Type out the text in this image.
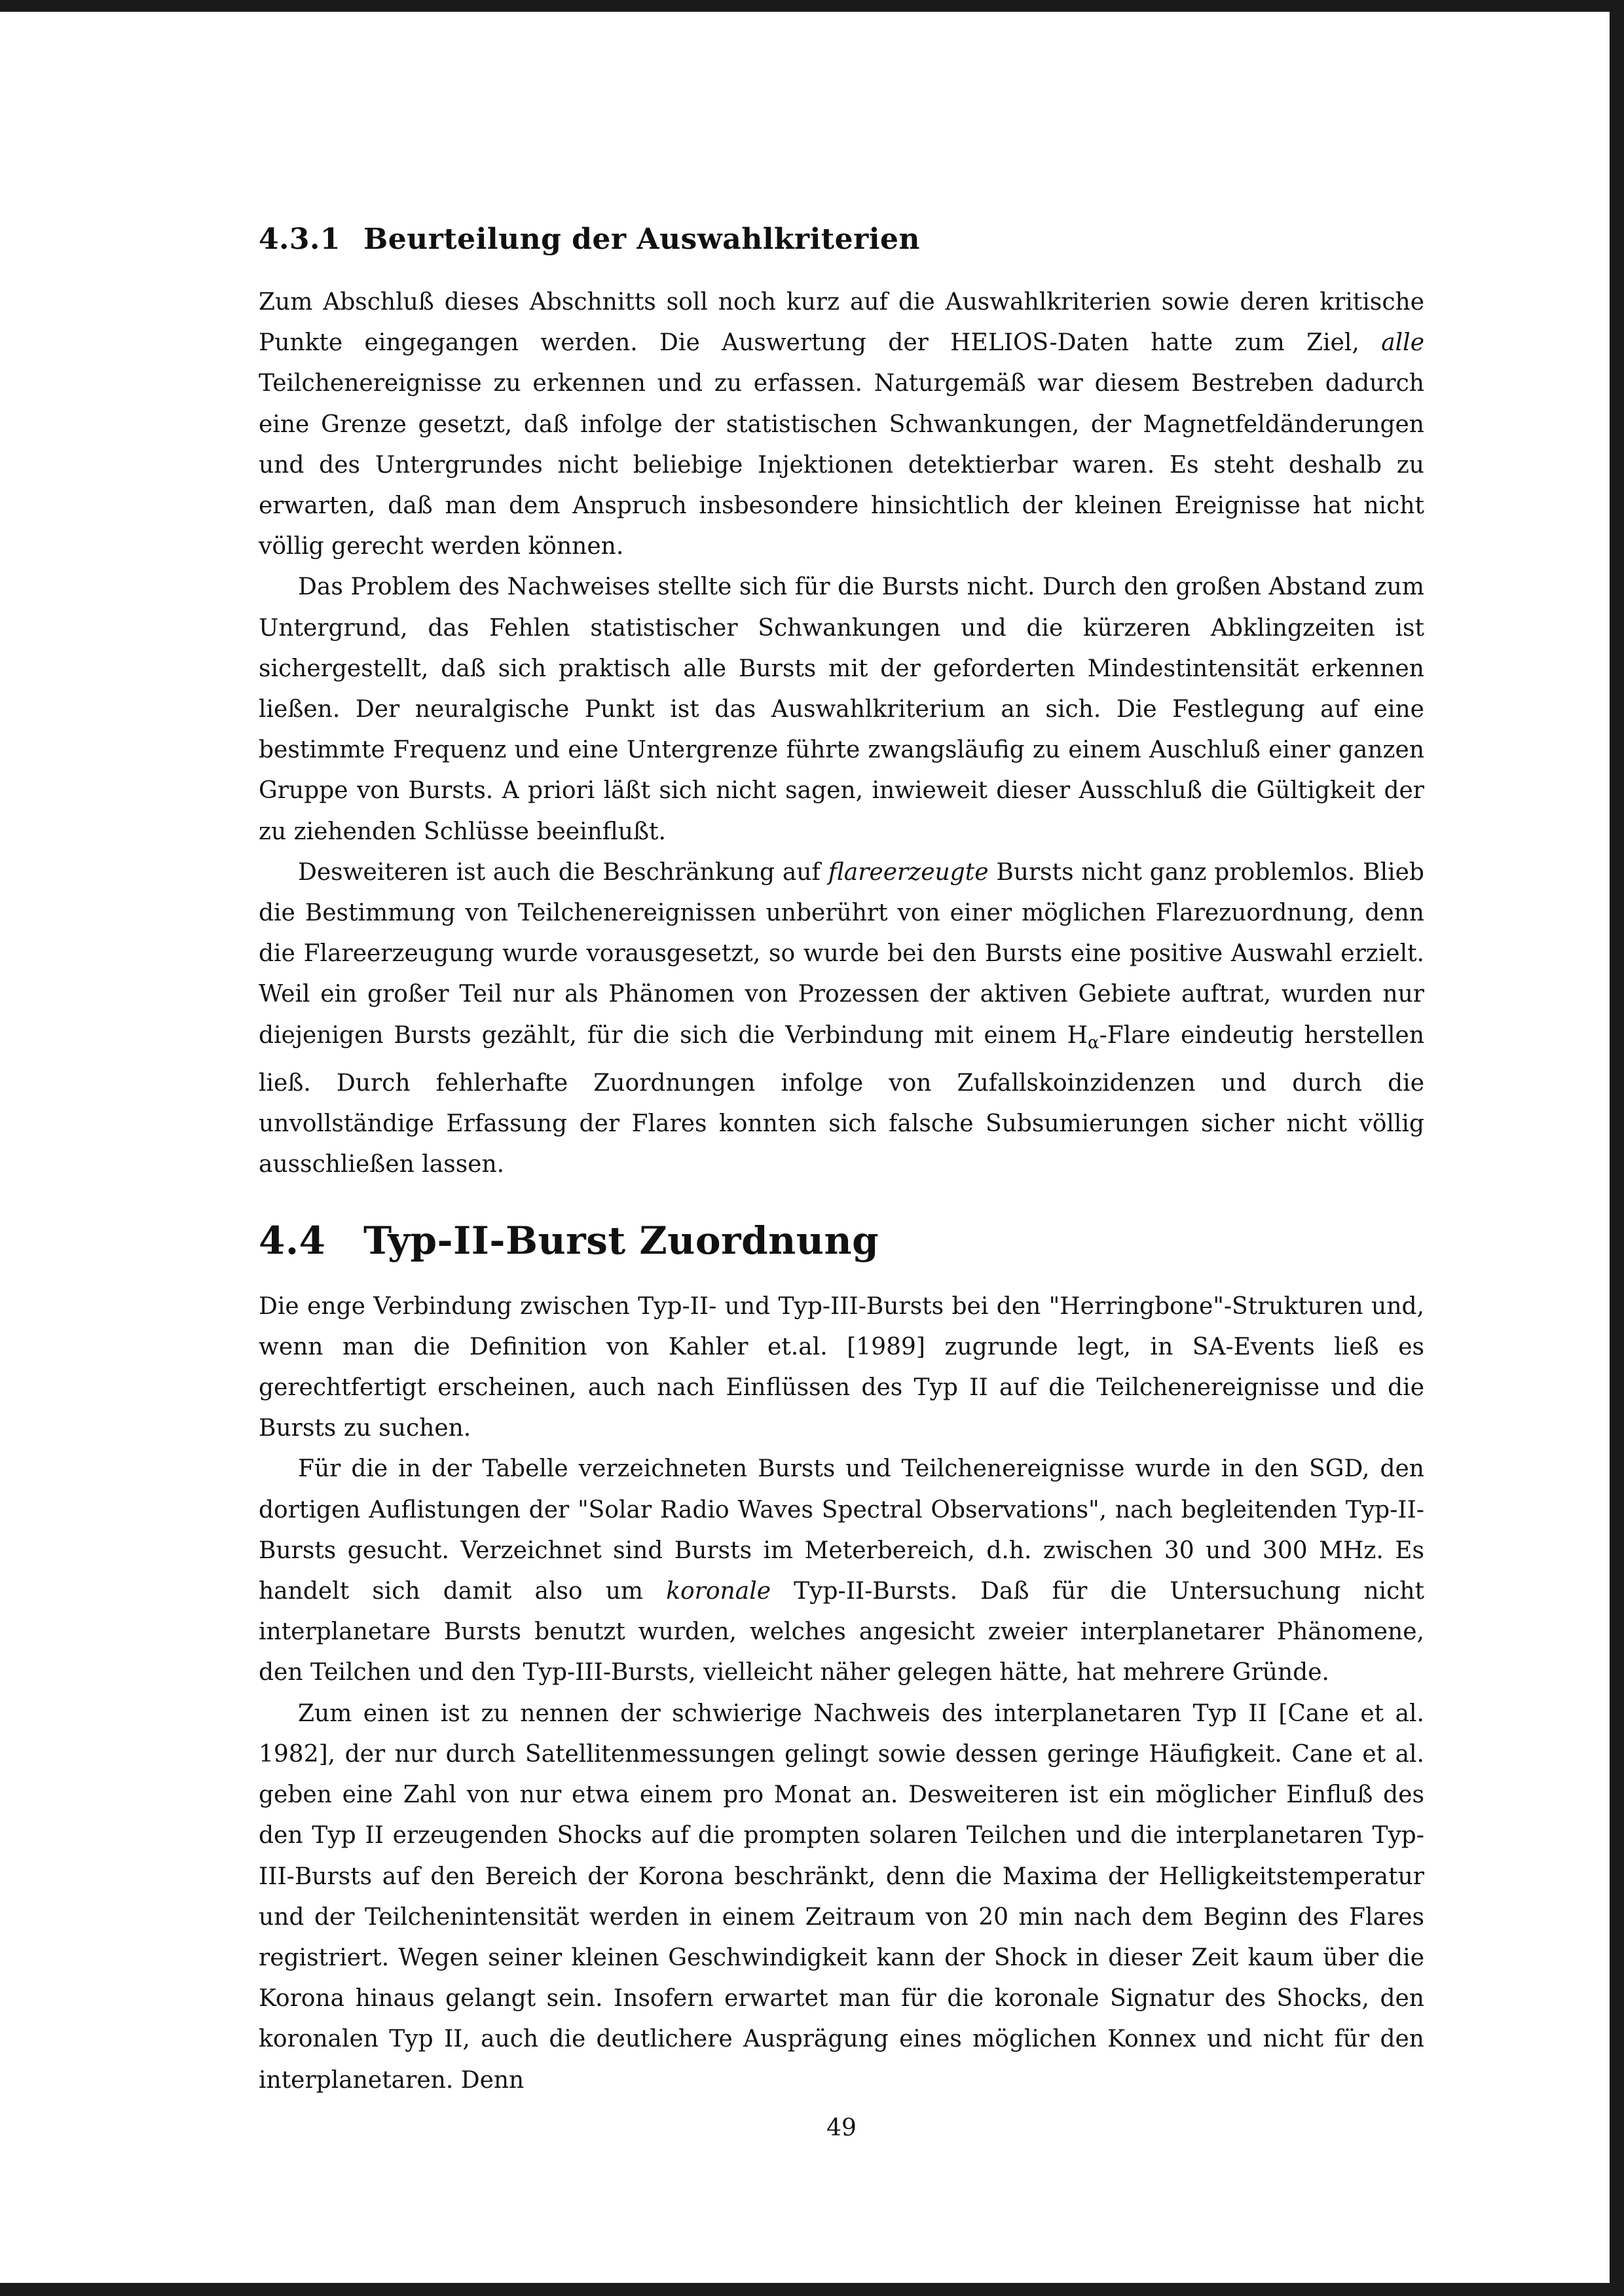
4.3.1 Beurteilung der Auswahlkriterien

Zum Abschluß dieses Abschnitts soll noch kurz auf die Auswahlkriterien sowie deren kritische Punkte eingegangen werden. Die Auswertung der HELIOS-Daten hatte zum Ziel, alle Teilchenereignisse zu erkennen und zu erfassen. Naturgemäß war diesem Bestreben dadurch eine Grenze gesetzt, daß infolge der statistischen Schwankungen, der Magnetfeldänderungen und des Untergrundes nicht beliebige Injektionen detektierbar waren. Es steht deshalb zu erwarten, daß man dem Anspruch insbesondere hinsichtlich der kleinen Ereignisse hat nicht völlig gerecht werden können.

Das Problem des Nachweises stellte sich für die Bursts nicht. Durch den großen Abstand zum Untergrund, das Fehlen statistischer Schwankungen und die kürzeren Abklingzeiten ist sichergestellt, daß sich praktisch alle Bursts mit der geforderten Mindestintensität erkennen ließen. Der neuralgische Punkt ist das Auswahlkriterium an sich. Die Festlegung auf eine bestimmte Frequenz und eine Untergrenze führte zwangsläufig zu einem Auschluß einer ganzen Gruppe von Bursts. A priori läßt sich nicht sagen, inwieweit dieser Ausschluß die Gültigkeit der zu ziehenden Schlüsse beeinflußt.

Desweiteren ist auch die Beschränkung auf flareerzeugte Bursts nicht ganz problemlos. Blieb die Bestimmung von Teilchenereignissen unberührt von einer möglichen Flarezuordnung, denn die Flareerzeugung wurde vorausgesetzt, so wurde bei den Bursts eine positive Auswahl erzielt. Weil ein großer Teil nur als Phänomen von Prozessen der aktiven Gebiete auftrat, wurden nur diejenigen Bursts gezählt, für die sich die Verbindung mit einem $H_\alpha$-Flare eindeutig herstellen ließ. Durch fehlerhafte Zuordnungen infolge von Zufallskoinzidenzen und durch die unvollständige Erfassung der Flares konnten sich falsche Subsumierungen sicher nicht völlig ausschließen lassen.

4.4 Typ-II-Burst Zuordnung

Die enge Verbindung zwischen Typ-II- und Typ-III-Bursts bei den "Herringbone"-Strukturen und, wenn man die Definition von Kahler et.al. [1989] zugrunde legt, in SA-Events ließ es gerechtfertigt erscheinen, auch nach Einflüssen des Typ II auf die Teilchenereignisse und die Bursts zu suchen.

Für die in der Tabelle verzeichneten Bursts und Teilchenereignisse wurde in den SGD, den dortigen Auflistungen der "Solar Radio Waves Spectral Observations", nach begleitenden Typ-II-Bursts gesucht. Verzeichnet sind Bursts im Meterbereich, d.h. zwischen 30 und 300 MHz. Es handelt sich damit also um koronale Typ-II-Bursts. Daß für die Untersuchung nicht interplanetare Bursts benutzt wurden, welches angesicht zweier interplanetarer Phänomene, den Teilchen und den Typ-III-Bursts, vielleicht näher gelegen hätte, hat mehrere Gründe.

Zum einen ist zu nennen der schwierige Nachweis des interplanetaren Typ II [Cane et al. 1982], der nur durch Satellitenmessungen gelingt sowie dessen geringe Häufigkeit. Cane et al. geben eine Zahl von nur etwa einem pro Monat an. Desweiteren ist ein möglicher Einfluß des den Typ II erzeugenden Shocks auf die prompten solaren Teilchen und die interplanetaren Typ-III-Bursts auf den Bereich der Korona beschränkt, denn die Maxima der Helligkeitstemperatur und der Teilchenintensität werden in einem Zeitraum von 20 min nach dem Beginn des Flares registriert. Wegen seiner kleinen Geschwindigkeit kann der Shock in dieser Zeit kaum über die Korona hinaus gelangt sein. Insofern erwartet man für die koronale Signatur des Shocks, den koronalen Typ II, auch die deutlichere Ausprägung eines möglichen Konnex und nicht für den interplanetaren. Denn

49
